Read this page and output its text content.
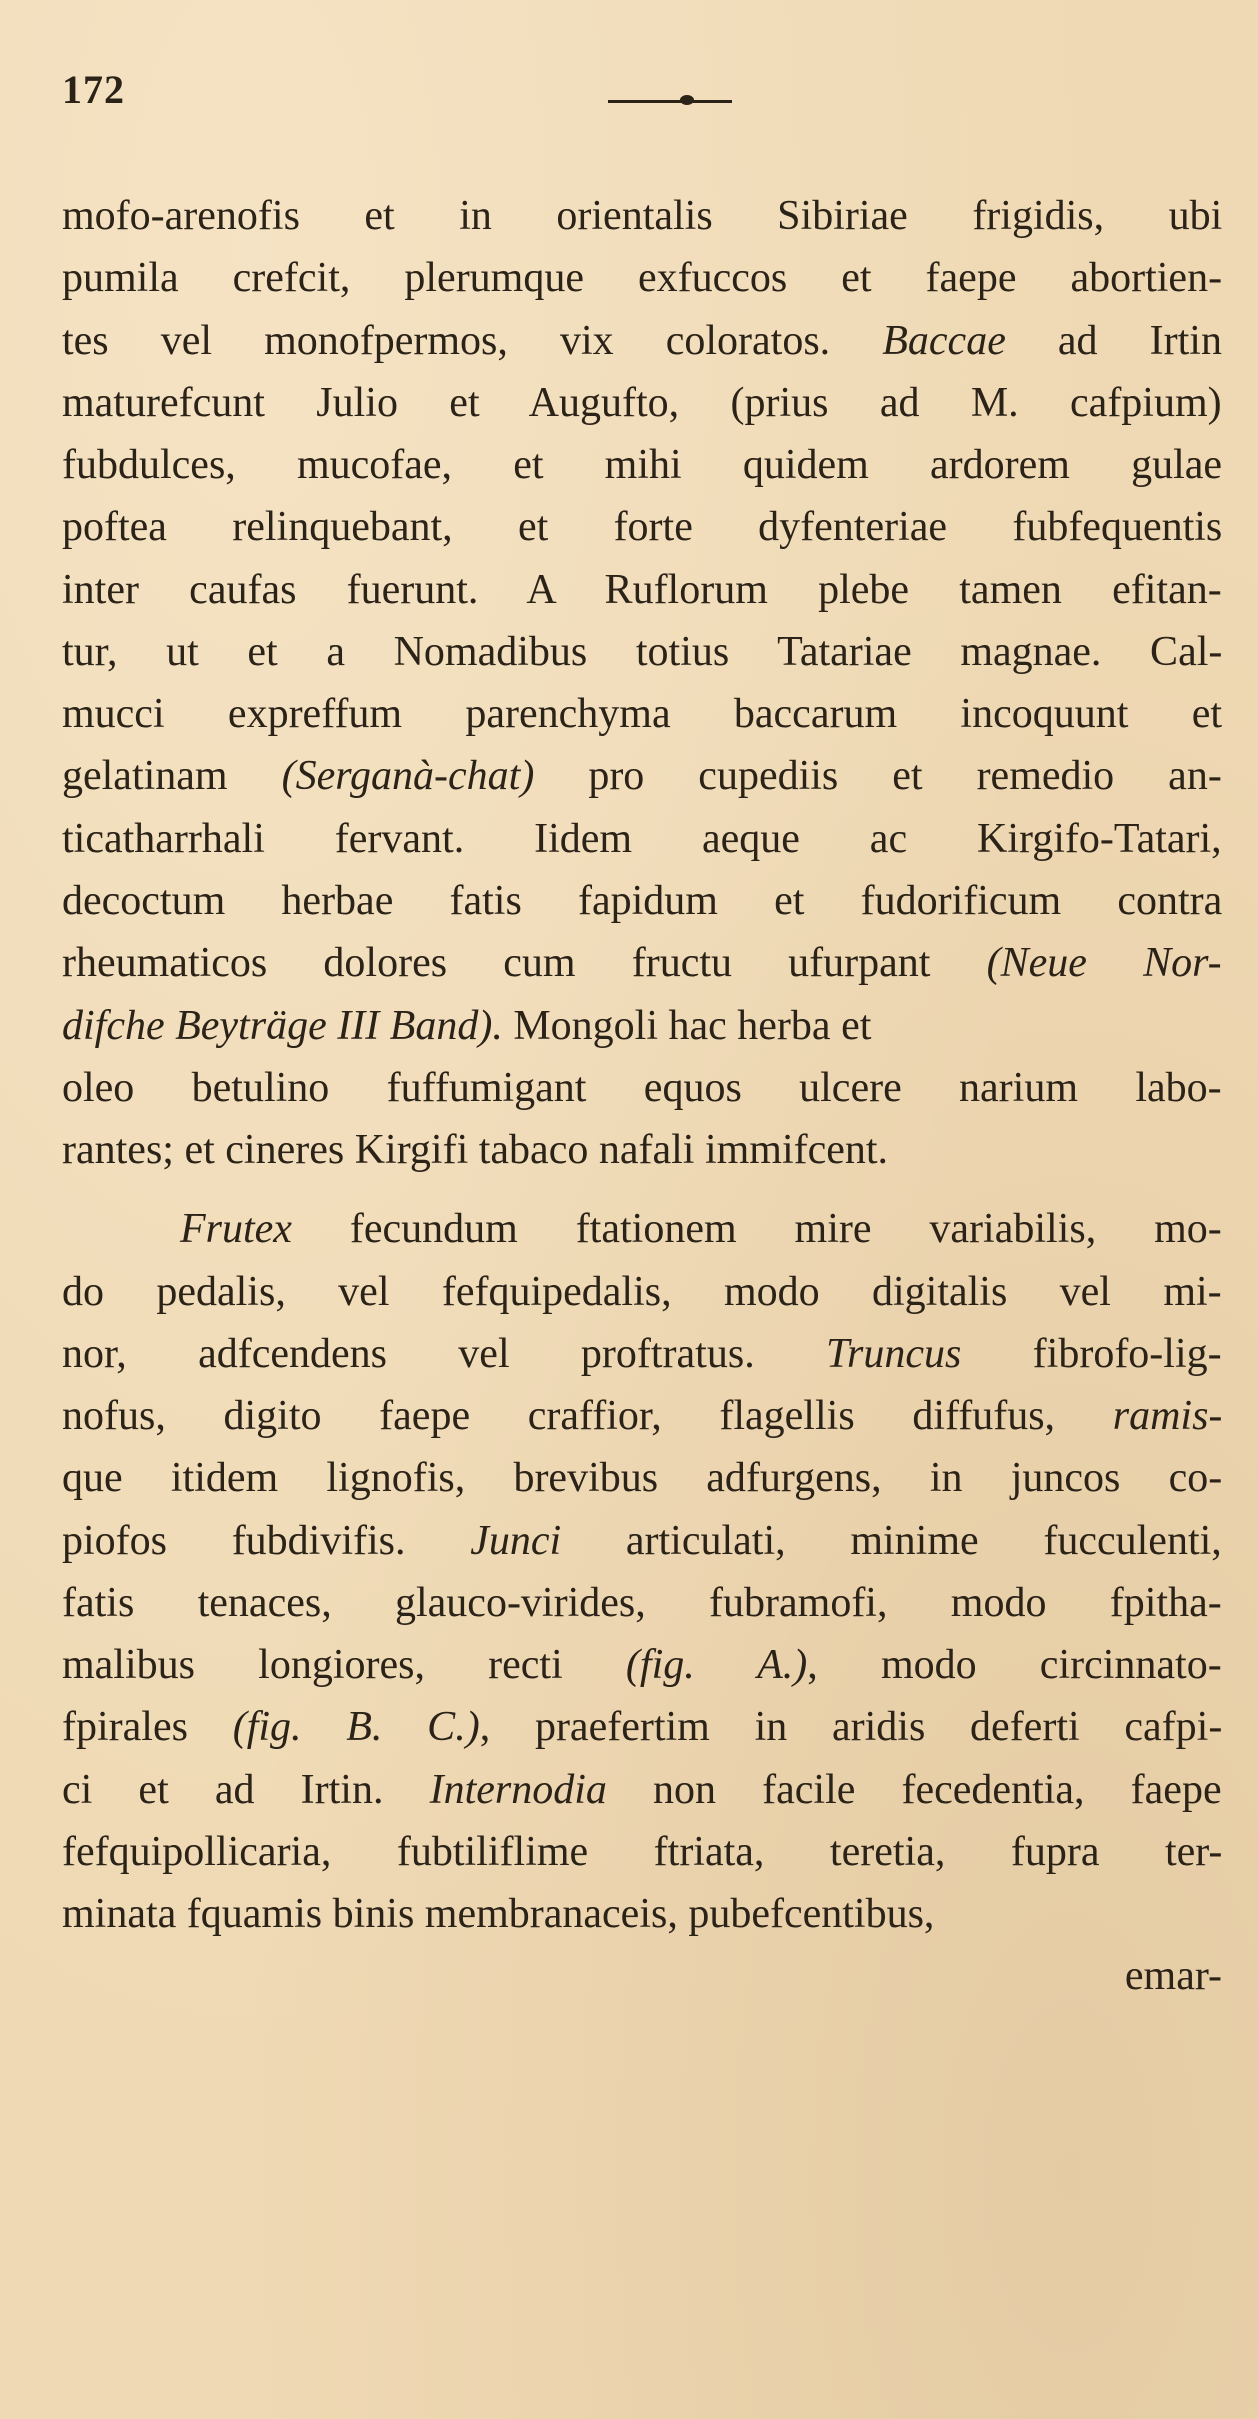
172
mofo-arenofis et in orientalis Sibiriae frigidis, ubi
pumila crefcit, plerumque exfuccos et faepe abortien-
tes vel monofpermos, vix coloratos. Baccae ad Irtin
maturefcunt Julio et Augufto, (prius ad M. cafpium)
fubdulces, mucofae, et mihi quidem ardorem gulae
poftea relinquebant, et forte dyfenteriae fubfequentis
inter caufas fuerunt. A Ruflorum plebe tamen efitan-
tur, ut et a Nomadibus totius Tatariae magnae. Cal-
mucci expreffum parenchyma baccarum incoquunt et
gelatinam (Serganà-chat) pro cupediis et remedio an-
ticatharrhali fervant. Iidem aeque ac Kirgifo-Tatari,
decoctum herbae fatis fapidum et fudorificum contra
rheumaticos dolores cum fructu ufurpant (Neue Nor-
difche Beyträge III Band). Mongoli hac herba et
oleo betulino fuffumigant equos ulcere narium labo-
rantes; et cineres Kirgifi tabaco nafali immifcent.
Frutex fecundum ftationem mire variabilis, mo-
do pedalis, vel fefquipedalis, modo digitalis vel mi-
nor, adfcendens vel proftratus. Truncus fibrofo-lig-
nofus, digito faepe craffior, flagellis diffufus, ramis-
que itidem lignofis, brevibus adfurgens, in juncos co-
piofos fubdivifis. Junci articulati, minime fucculenti,
fatis tenaces, glauco-virides, fubramofi, modo fpitha-
malibus longiores, recti (fig. A.), modo circinnato-
fpirales (fig. B. C.), praefertim in aridis deferti cafpi-
ci et ad Irtin. Internodia non facile fecedentia, faepe
fefquipollicaria, fubtiliflime ftriata, teretia, fupra ter-
minata fquamis binis membranaceis, pubefcentibus,
emar-
